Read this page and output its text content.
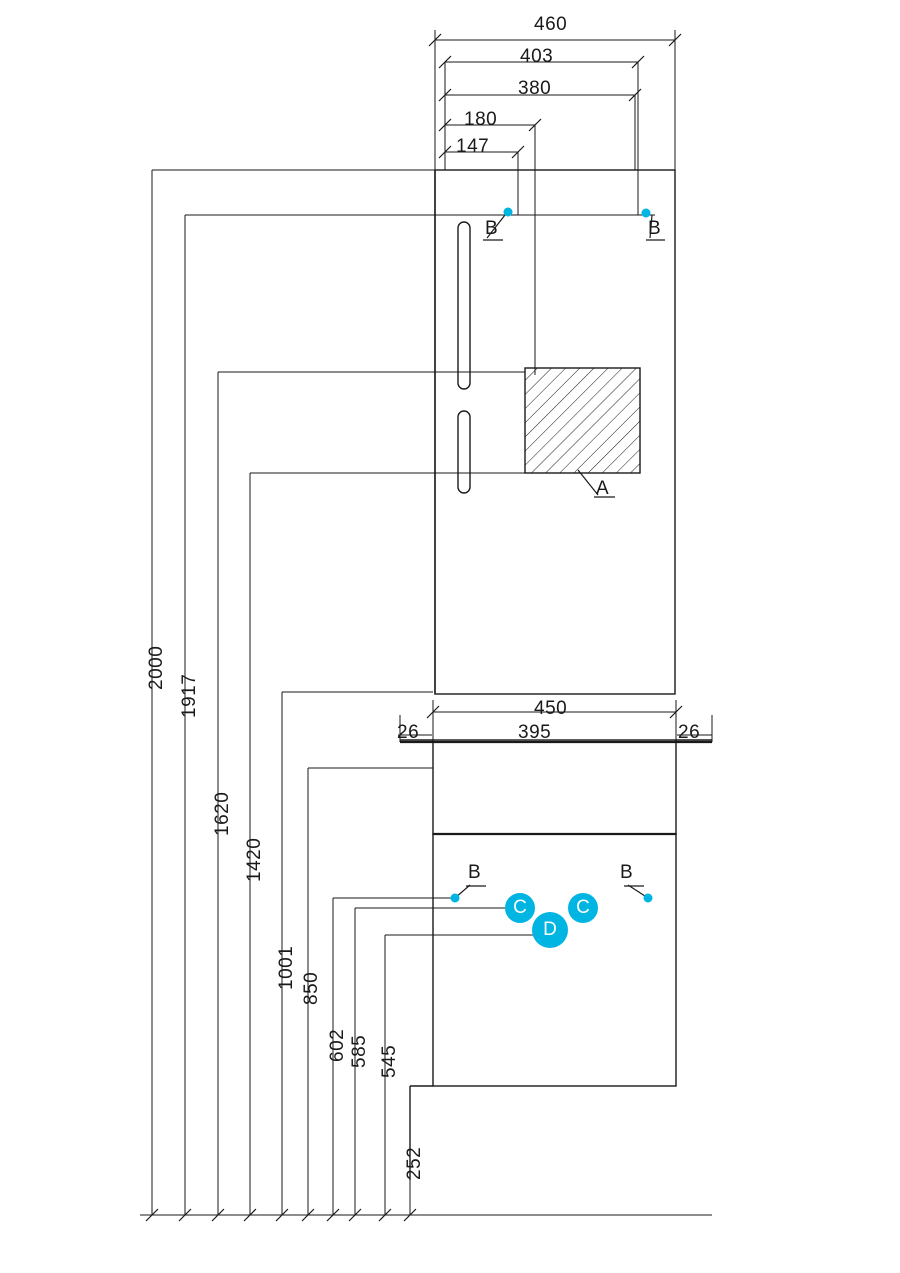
460
403
380
180
147
26
450
395	26
2000
1917
1620
1420
1001 850
602 585 545
252
B	B
A
B	B
C	C
D
